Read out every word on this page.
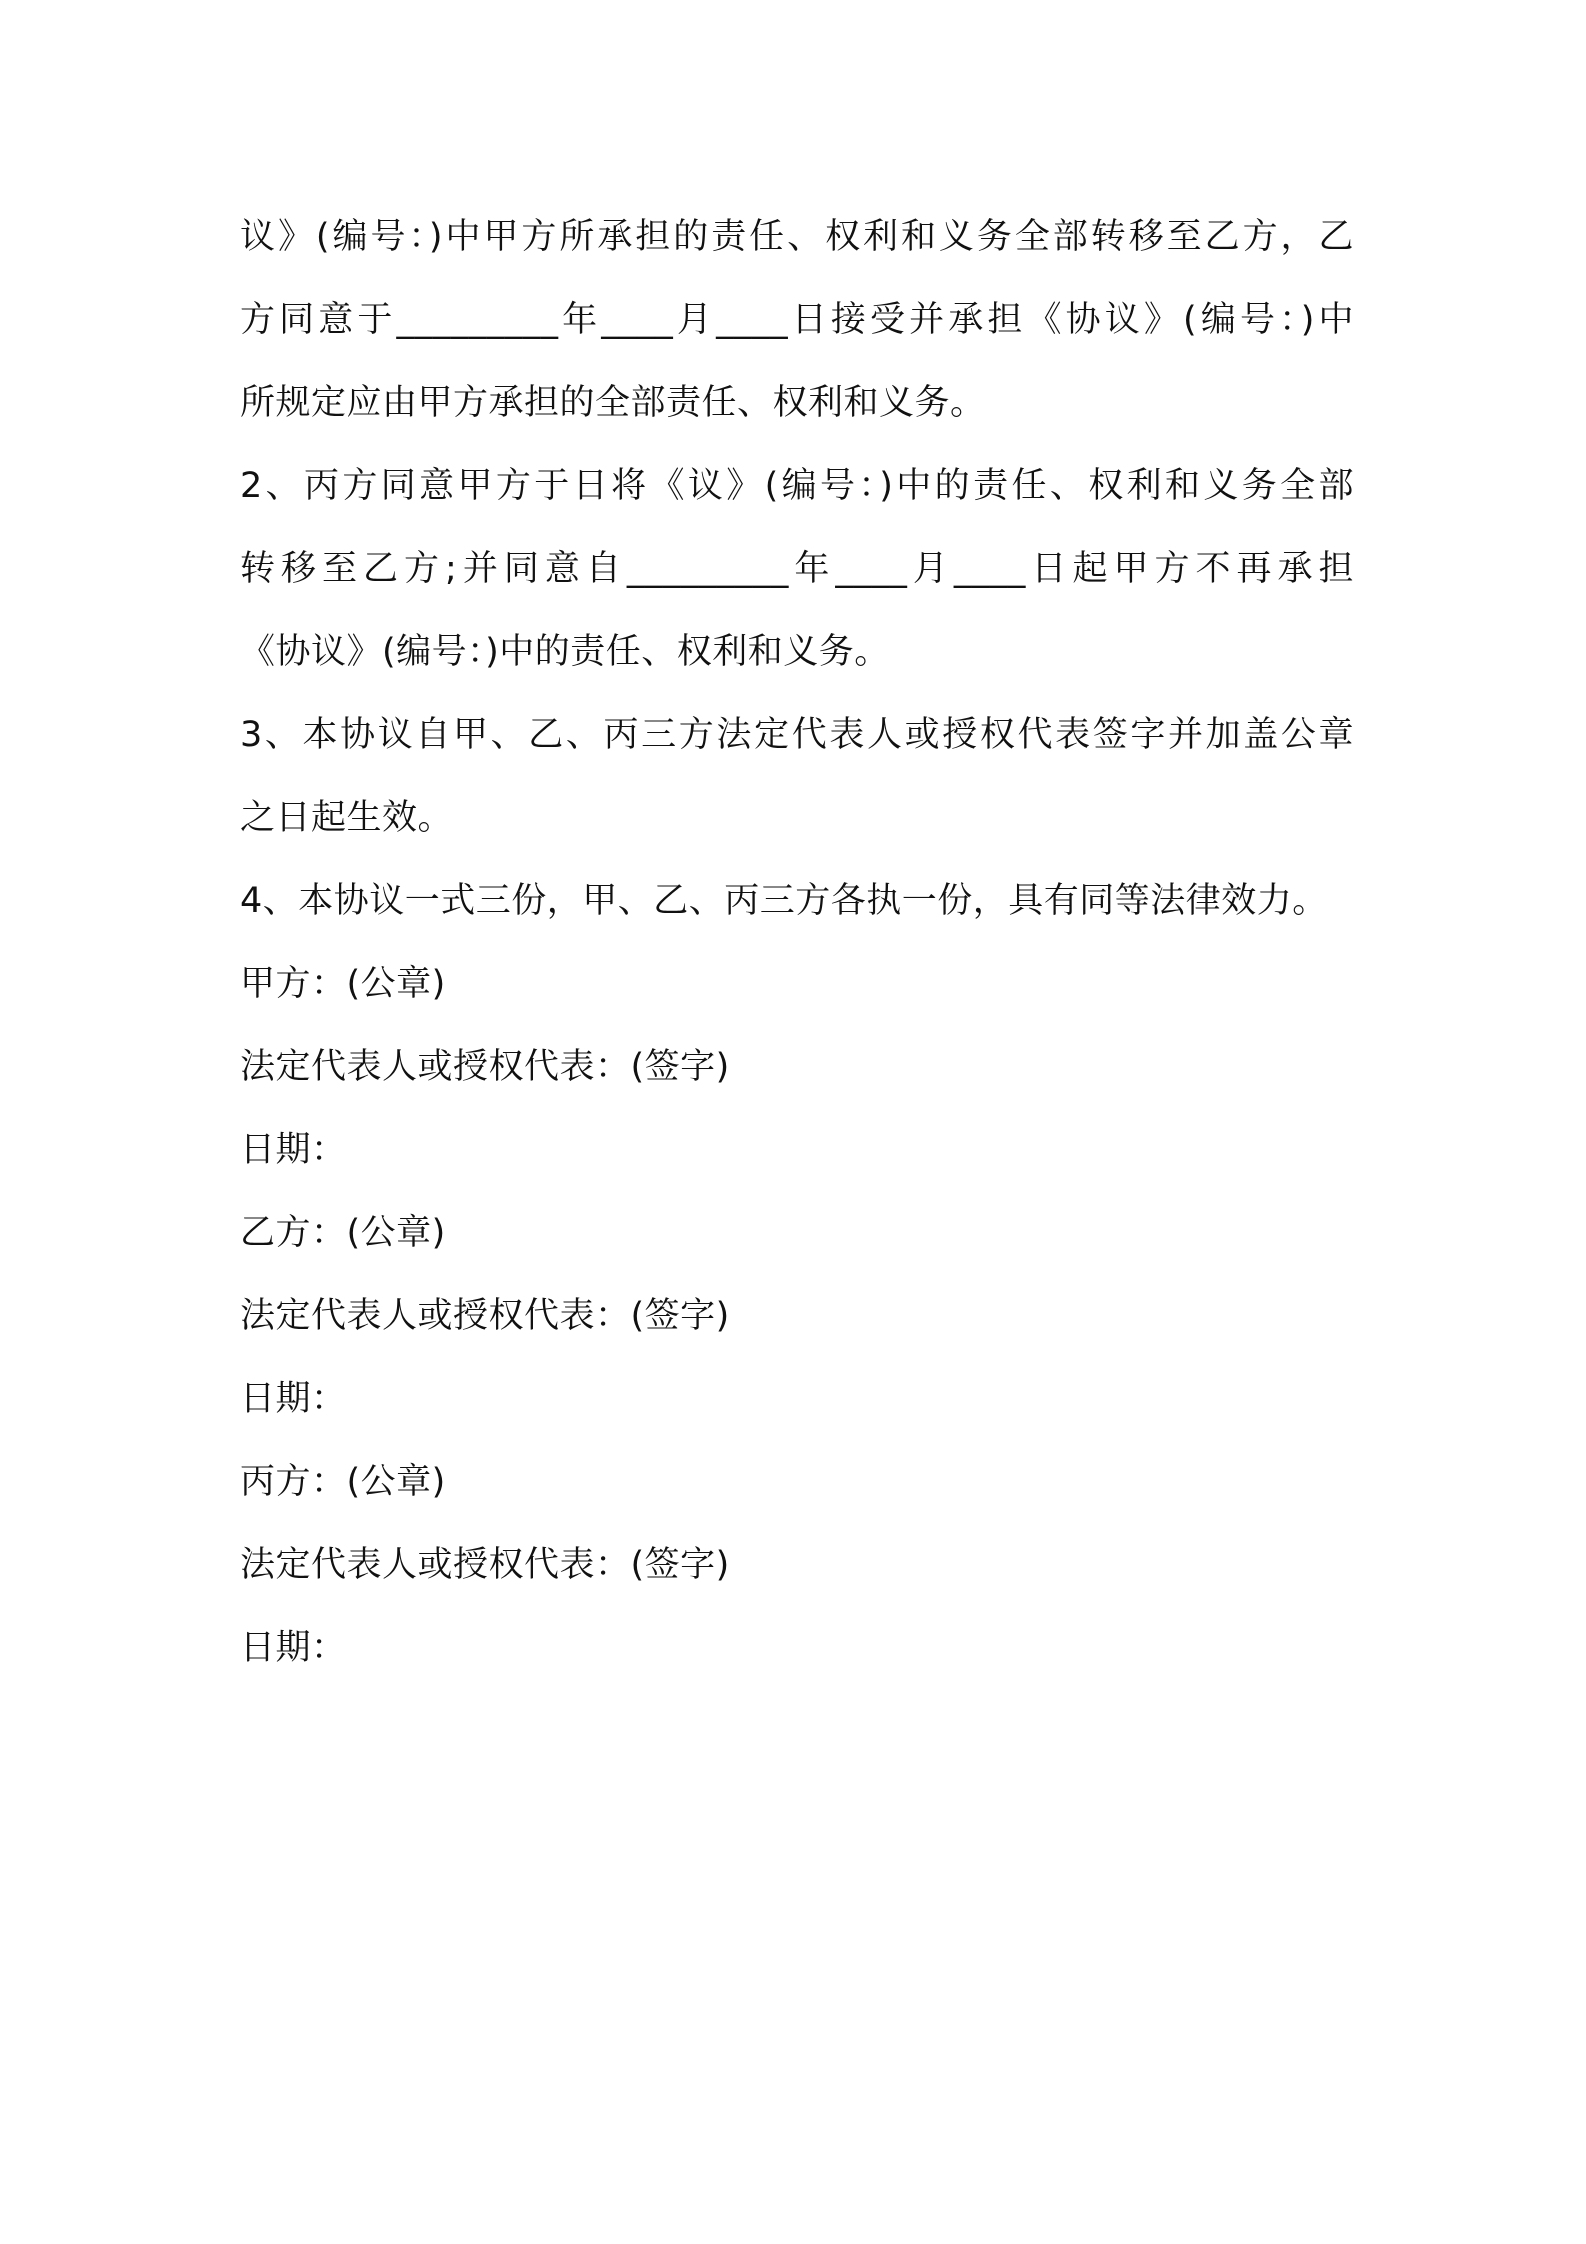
议》(编号：)中甲方所承担的责任、权利和义务全部转移至乙方，乙
方同意于_________年____月____日接受并承担《协议》(编号：)中
所规定应由甲方承担的全部责任、权利和义务。
2、丙方同意甲方于日将《议》(编号：)中的责任、权利和义务全部
转移至乙方;并同意自_________年____月____日起甲方不再承担
《协议》(编号：)中的责任、权利和义务。
3、本协议自甲、乙、丙三方法定代表人或授权代表签字并加盖公章
之日起生效。
4、本协议一式三份，甲、乙、丙三方各执一份，具有同等法律效力。
甲方：(公章)
法定代表人或授权代表：(签字)
日期：
乙方：(公章)
法定代表人或授权代表：(签字)
日期：
丙方：(公章)
法定代表人或授权代表：(签字)
日期：
